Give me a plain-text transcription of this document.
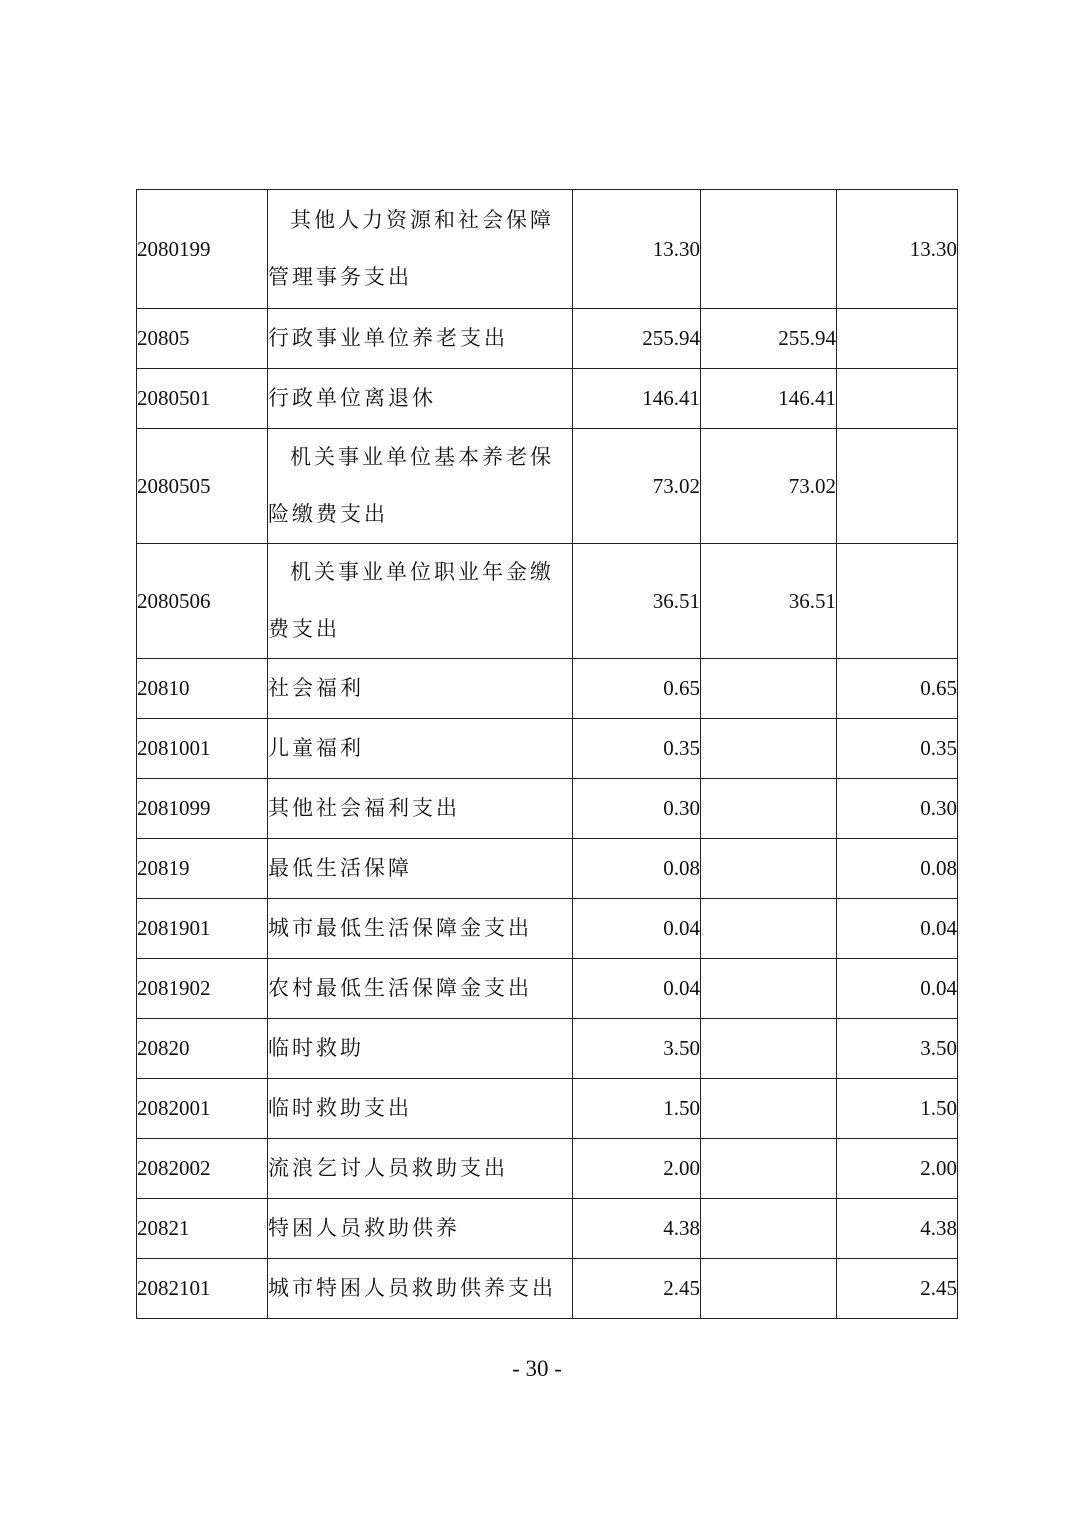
2080199	其他人力资源和社会保障管理事务支出	13.30		13.30
20805	行政事业单位养老支出	255.94	255.94	
2080501	行政单位离退休	146.41	146.41	
2080505	机关事业单位基本养老保险缴费支出	73.02	73.02	
2080506	机关事业单位职业年金缴费支出	36.51	36.51	
20810	社会福利	0.65		0.65
2081001	儿童福利	0.35		0.35
2081099	其他社会福利支出	0.30		0.30
20819	最低生活保障	0.08		0.08
2081901	城市最低生活保障金支出	0.04		0.04
2081902	农村最低生活保障金支出	0.04		0.04
20820	临时救助	3.50		3.50
2082001	临时救助支出	1.50		1.50
2082002	流浪乞讨人员救助支出	2.00		2.00
20821	特困人员救助供养	4.38		4.38
2082101	城市特困人员救助供养支出	2.45		2.45
- 30 -
